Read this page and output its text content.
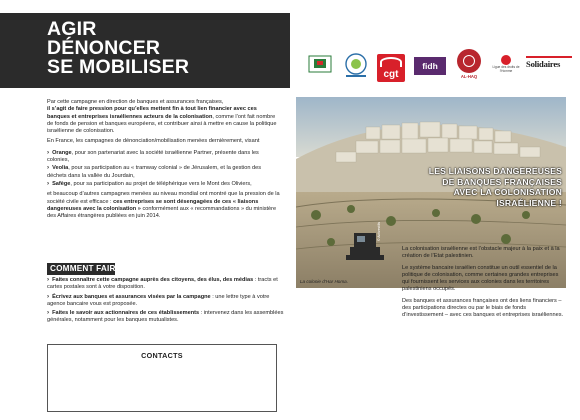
AGIR
DÉNONCER
SE MOBILISER

Par cette campagne en direction de banques et assurances françaises,
il s’agit de faire pression pour qu’elles mettent fin à tout lien financier avec ces banques et entreprises israéliennes acteurs de la colonisation, comme l’ont fait nombre de fonds de pension et banques européens, et contribuer ainsi à mettre en cause la politique israélienne de colonisation.

En France, les campagnes de dénonciation/mobilisation menées dernièrement, visant

› Orange, pour son partenariat avec la société israélienne Partner, présente dans les colonies,
› Veolia, pour sa participation au « tramway colonial » de Jérusalem, et la gestion des déchets dans la vallée du Jourdain,
› Safège, pour sa participation au projet de téléphérique vers le Mont des Oliviers,

et beaucoup d’autres campagnes menées au niveau mondial ont montré que la pression de la société civile est efficace : ces entreprises se sont désengagées de ces « liaisons dangereuses avec la colonisation » conformément aux « recommandations » du ministère des Affaires étrangères publiées en juin 2014.

COMMENT FAIRE ?
› Faites connaître cette campagne auprès des citoyens, des élus, des médias : tracts et cartes postales sont à votre disposition.
› Écrivez aux banques et assurances visées par la campagne : une lettre type à votre agence bancaire vous est proposée.
› Faites le savoir aux actionnaires de ces établissements : intervenez dans les assemblées générales, notamment pour les banques mutualistes.
CONTACTS
cgt
fidh
AL-HAQ
Ligue des droits de l’Homme
Solidaires
© Activestills
La colonie d’Har Homa.
LES LIAISONS DANGEREUSES
DE BANQUES FRANÇAISES
AVEC LA COLONISATION
ISRAÉLIENNE !

La colonisation israélienne est l’obstacle majeur à la paix et à la création de l’Etat palestinien.

Le système bancaire israélien constitue un outil essentiel de la politique de colonisation, comme certaines grandes entreprises qui fournissent les services aux colonies dans les territoires palestiniens occupés.

Des banques et assurances françaises ont des liens financiers – des participations directes ou par le biais de fonds d’investissement – avec ces banques et entreprises israéliennes.
